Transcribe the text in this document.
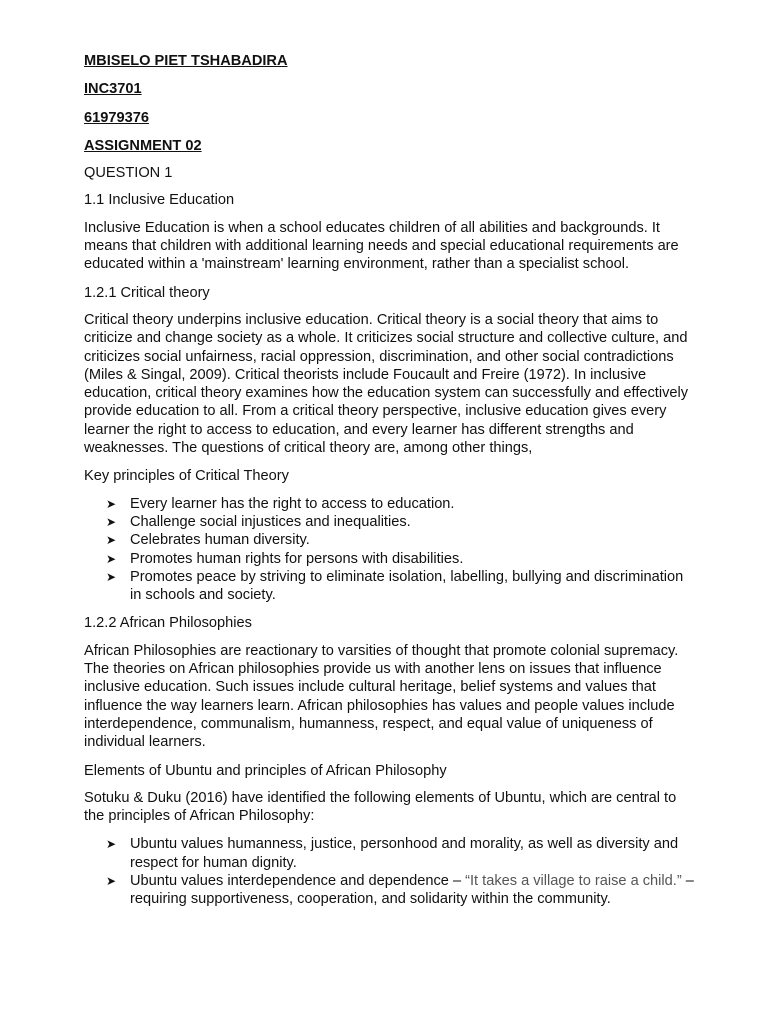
MBISELO PIET TSHABADIRA
INC3701
61979376
ASSIGNMENT 02
QUESTION 1
1.1 Inclusive Education
Inclusive Education is when a school educates children of all abilities and backgrounds. It means that children with additional learning needs and special educational requirements are educated within a 'mainstream' learning environment, rather than a specialist school.
1.2.1 Critical theory
Critical theory underpins inclusive education. Critical theory is a social theory that aims to criticize and change society as a whole. It criticizes social structure and collective culture, and criticizes social unfairness, racial oppression, discrimination, and other social contradictions (Miles & Singal, 2009). Critical theorists include Foucault and Freire (1972). In inclusive education, critical theory examines how the education system can successfully and effectively provide education to all. From a critical theory perspective, inclusive education gives every learner the right to access to education, and every learner has different strengths and weaknesses. The questions of critical theory are, among other things,
Key principles of Critical Theory
➤ Every learner has the right to access to education.
➤ Challenge social injustices and inequalities.
➤ Celebrates human diversity.
➤ Promotes human rights for persons with disabilities.
➤ Promotes peace by striving to eliminate isolation, labelling, bullying and discrimination in schools and society.
1.2.2 African Philosophies
African Philosophies are reactionary to varsities of thought that promote colonial supremacy. The theories on African philosophies provide us with another lens on issues that influence inclusive education. Such issues include cultural heritage, belief systems and values that influence the way learners learn. African philosophies has values and people values include interdependence, communalism, humanness, respect, and equal value of uniqueness of individual learners.
Elements of Ubuntu and principles of African Philosophy
Sotuku & Duku (2016) have identified the following elements of Ubuntu, which are central to the principles of African Philosophy:
➤ Ubuntu values humanness, justice, personhood and morality, as well as diversity and respect for human dignity.
➤ Ubuntu values interdependence and dependence – “It takes a village to raise a child.” – requiring supportiveness, cooperation, and solidarity within the community.
